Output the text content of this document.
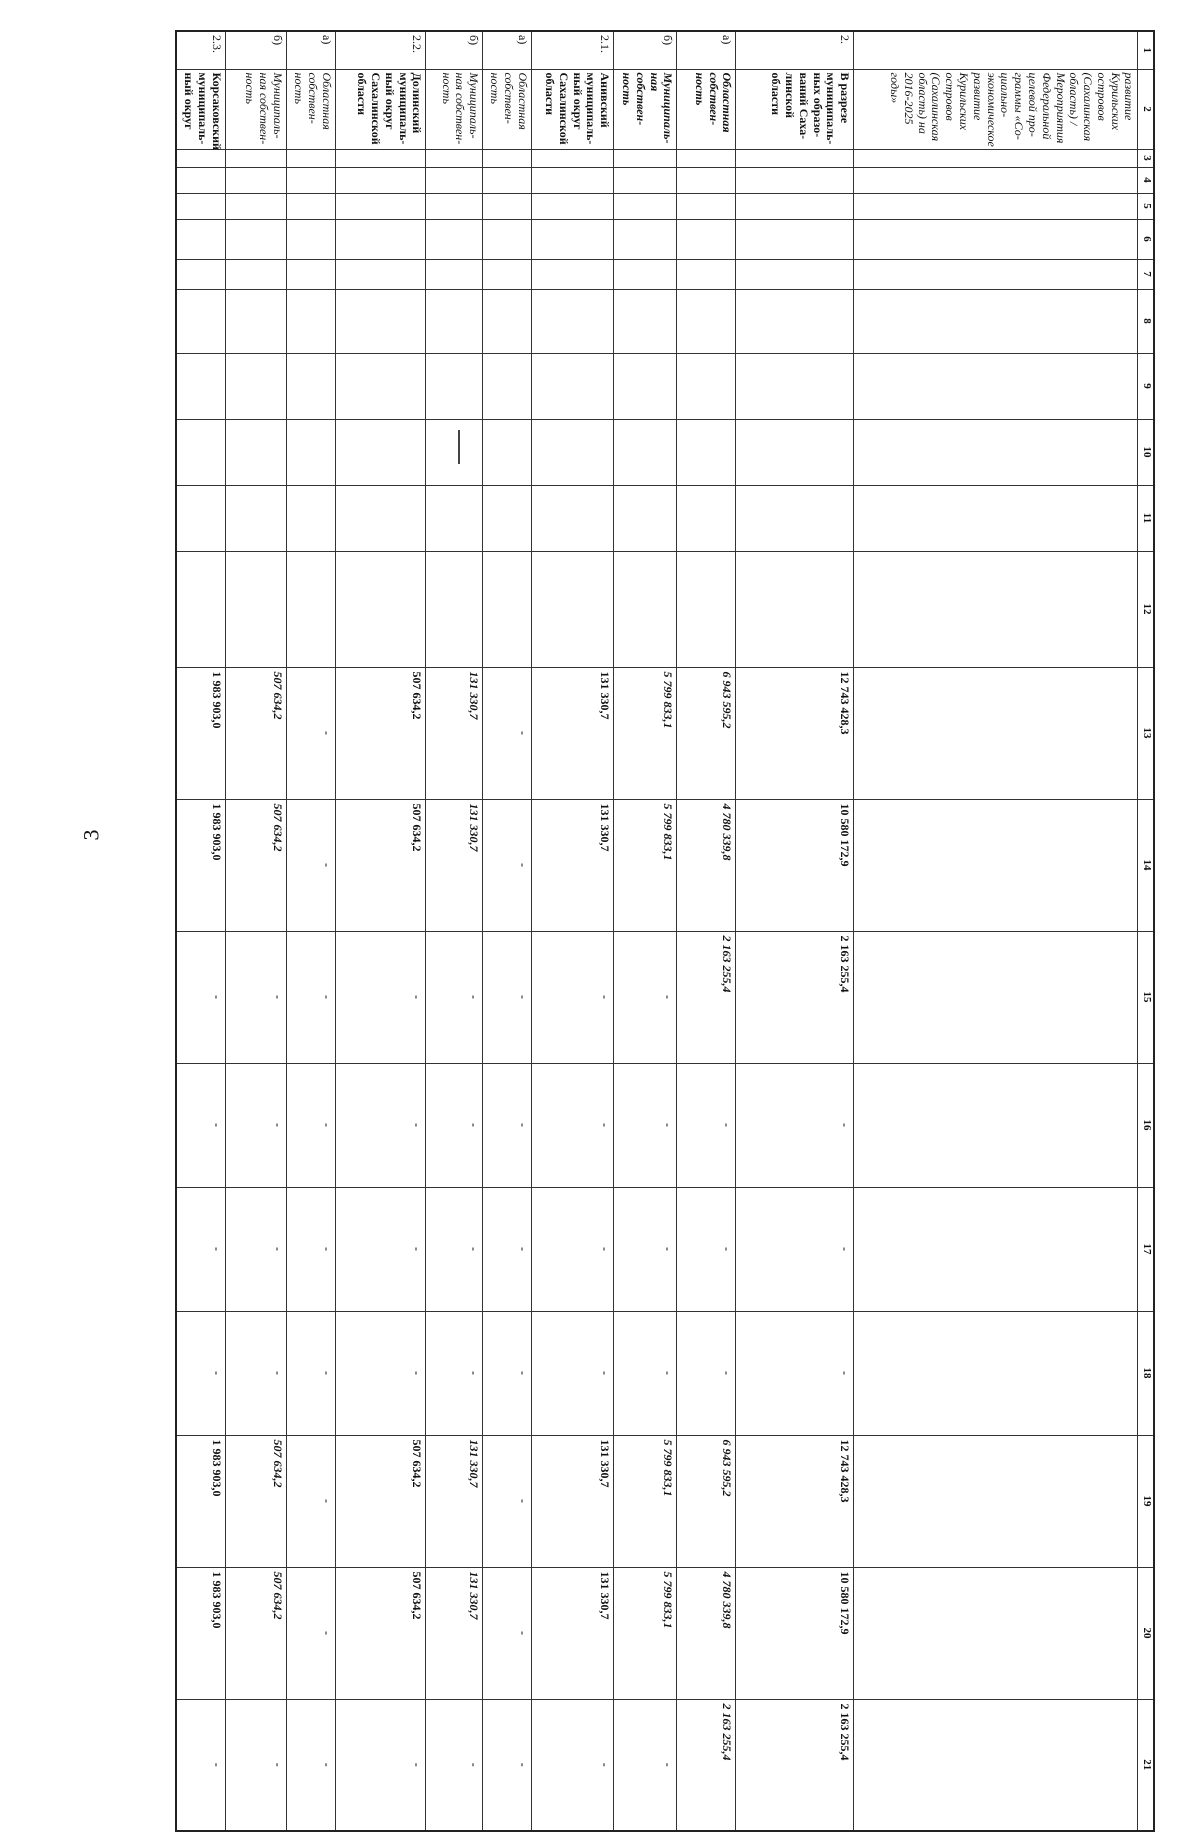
3
1	2	3	4	5	6	7	8	9	10	11	12	13	14	15	16	17	18	19	20	21
	развитие Курильских островов (Сахалинская область) / Мероприятия Федеральной целевой про-граммы «Со-циально-экономическое развитие Курильских островов (Сахалинская область) на 2016-2025 годы»																			
2.	В разрезе муниципаль-ных образо-ваний Саха-линской области											12 743 428,3	10 580 172,9	2 163 255,4	-	-	-	12 743 428,3	10 580 172,9	2 163 255,4
а)	Областная собствен-ность											6 943 595,2	4 780 339,8	2 163 255,4	-	-	-	6 943 595,2	4 780 339,8	2 163 255,4
б)	Муниципаль-ная собствен-ность											5 799 833,1	5 799 833,1	-	-	-	-	5 799 833,1	5 799 833,1	-
2.1.	Анивский муниципаль-ный округ Сахалинской области											131 330,7	131 330,7	-	-	-	-	131 330,7	131 330,7	-
а)	Областная собствен-ность											-	-	-	-	-	-	-	-	-
б)	Муниципаль-ная собствен-ность											131 330,7	131 330,7	-	-	-	-	131 330,7	131 330,7	-
2.2.	Долинский муниципаль-ный округ Сахалинской области											507 634,2	507 634,2	-	-	-	-	507 634,2	507 634,2	-
а)	Областная собствен-ность											-	-	-	-	-	-	-	-	-
б)	Муниципаль-ная собствен-ность											507 634,2	507 634,2	-	-	-	-	507 634,2	507 634,2	-
2.3.	Корсаковский муниципаль-ный округ											1 983 903,0	1 983 903,0	-	-	-	-	1 983 903,0	1 983 903,0	-
